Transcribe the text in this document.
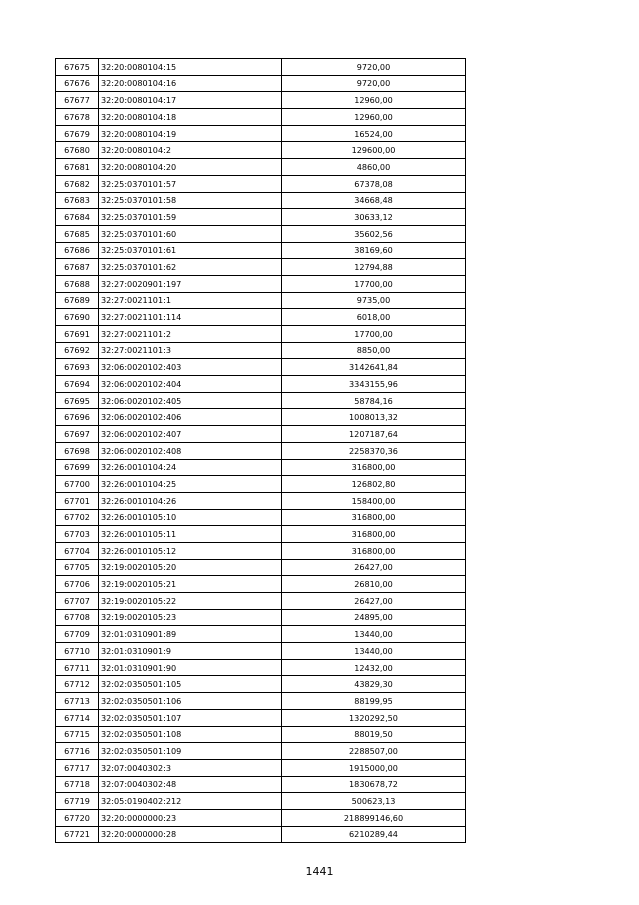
67675	32:20:0080104:15	9720,00
67676	32:20:0080104:16	9720,00
67677	32:20:0080104:17	12960,00
67678	32:20:0080104:18	12960,00
67679	32:20:0080104:19	16524,00
67680	32:20:0080104:2	129600,00
67681	32:20:0080104:20	4860,00
67682	32:25:0370101:57	67378,08
67683	32:25:0370101:58	34668,48
67684	32:25:0370101:59	30633,12
67685	32:25:0370101:60	35602,56
67686	32:25:0370101:61	38169,60
67687	32:25:0370101:62	12794,88
67688	32:27:0020901:197	17700,00
67689	32:27:0021101:1	9735,00
67690	32:27:0021101:114	6018,00
67691	32:27:0021101:2	17700,00
67692	32:27:0021101:3	8850,00
67693	32:06:0020102:403	3142641,84
67694	32:06:0020102:404	3343155,96
67695	32:06:0020102:405	58784,16
67696	32:06:0020102:406	1008013,32
67697	32:06:0020102:407	1207187,64
67698	32:06:0020102:408	2258370,36
67699	32:26:0010104:24	316800,00
67700	32:26:0010104:25	126802,80
67701	32:26:0010104:26	158400,00
67702	32:26:0010105:10	316800,00
67703	32:26:0010105:11	316800,00
67704	32:26:0010105:12	316800,00
67705	32:19:0020105:20	26427,00
67706	32:19:0020105:21	26810,00
67707	32:19:0020105:22	26427,00
67708	32:19:0020105:23	24895,00
67709	32:01:0310901:89	13440,00
67710	32:01:0310901:9	13440,00
67711	32:01:0310901:90	12432,00
67712	32:02:0350501:105	43829,30
67713	32:02:0350501:106	88199,95
67714	32:02:0350501:107	1320292,50
67715	32:02:0350501:108	88019,50
67716	32:02:0350501:109	2288507,00
67717	32:07:0040302:3	1915000,00
67718	32:07:0040302:48	1830678,72
67719	32:05:0190402:212	500623,13
67720	32:20:0000000:23	218899146,60
67721	32:20:0000000:28	6210289,44
1441
